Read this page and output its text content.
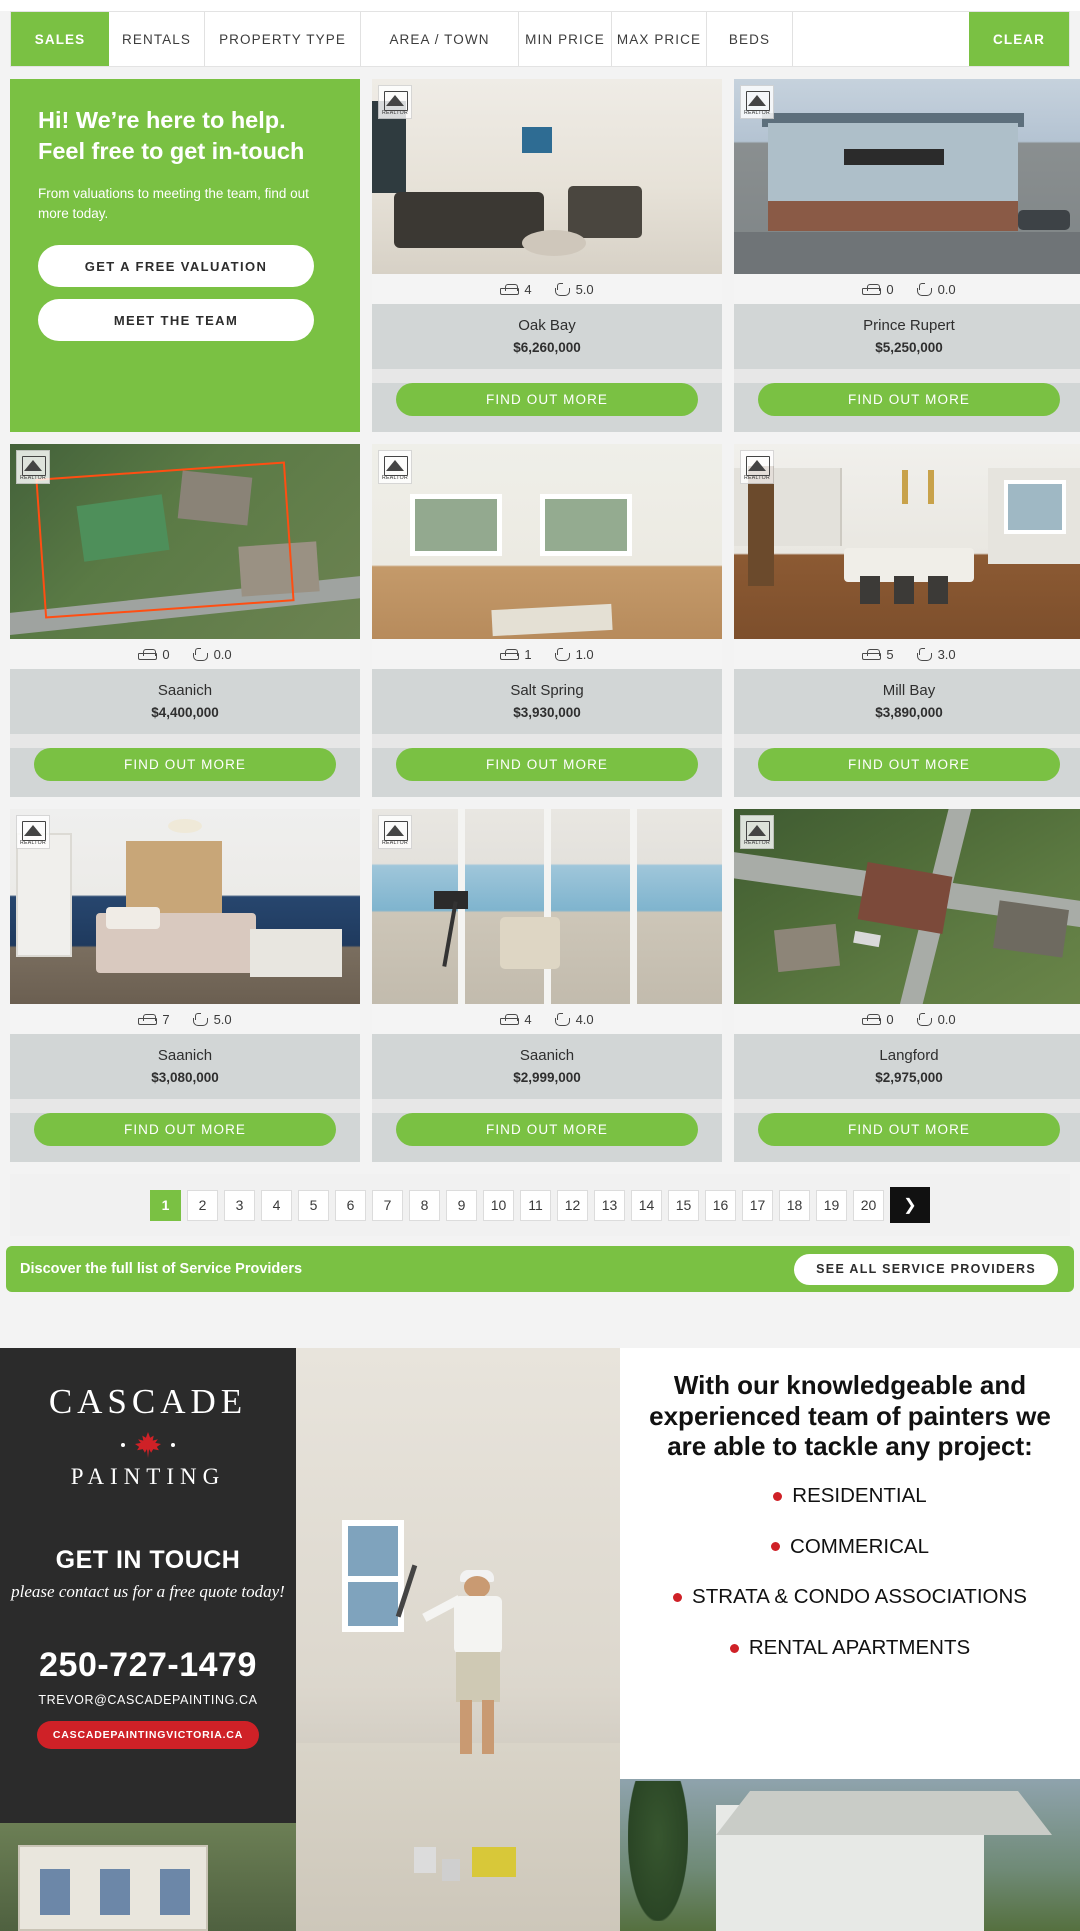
SALES	RENTALS	PROPERTY TYPE	AREA / TOWN	MIN PRICE MAX PRICE	BEDS	CLEAR
Hi! We’re here to help. Feel free to get in-touch

From valuations to meeting the team, find out more today.

GET A FREE VALUATION
MEET THE TEAM
REALTOR
4	5.0
Oak Bay
$6,260,000
FIND OUT MORE
REALTOR
0	0.0
Prince Rupert
$5,250,000
FIND OUT MORE
REALTOR
0	0.0
Saanich
$4,400,000
FIND OUT MORE
REALTOR
1	1.0
Salt Spring
$3,930,000
FIND OUT MORE
REALTOR
5	3.0
Mill Bay
$3,890,000
FIND OUT MORE
REALTOR
7	5.0
Saanich
$3,080,000
FIND OUT MORE
REALTOR
4	4.0
Saanich
$2,999,000
FIND OUT MORE
REALTOR
0	0.0
Langford
$2,975,000
FIND OUT MORE
1	2	3	4	5	6	7	8	9	10	11	12	13	14	15	16	17	18	19	20	❯
Discover the full list of Service Providers	SEE ALL SERVICE PROVIDERS
CASCADE
PAINTING
GET IN TOUCH
please contact us for a free quote today!
250-727-1479
TREVOR@CASCADEPAINTING.CA
CASCADEPAINTINGVICTORIA.CA
With our knowledgeable and experienced team of painters we are able to tackle any project:
RESIDENTIAL
COMMERICAL
STRATA & CONDO ASSOCIATIONS
RENTAL APARTMENTS
